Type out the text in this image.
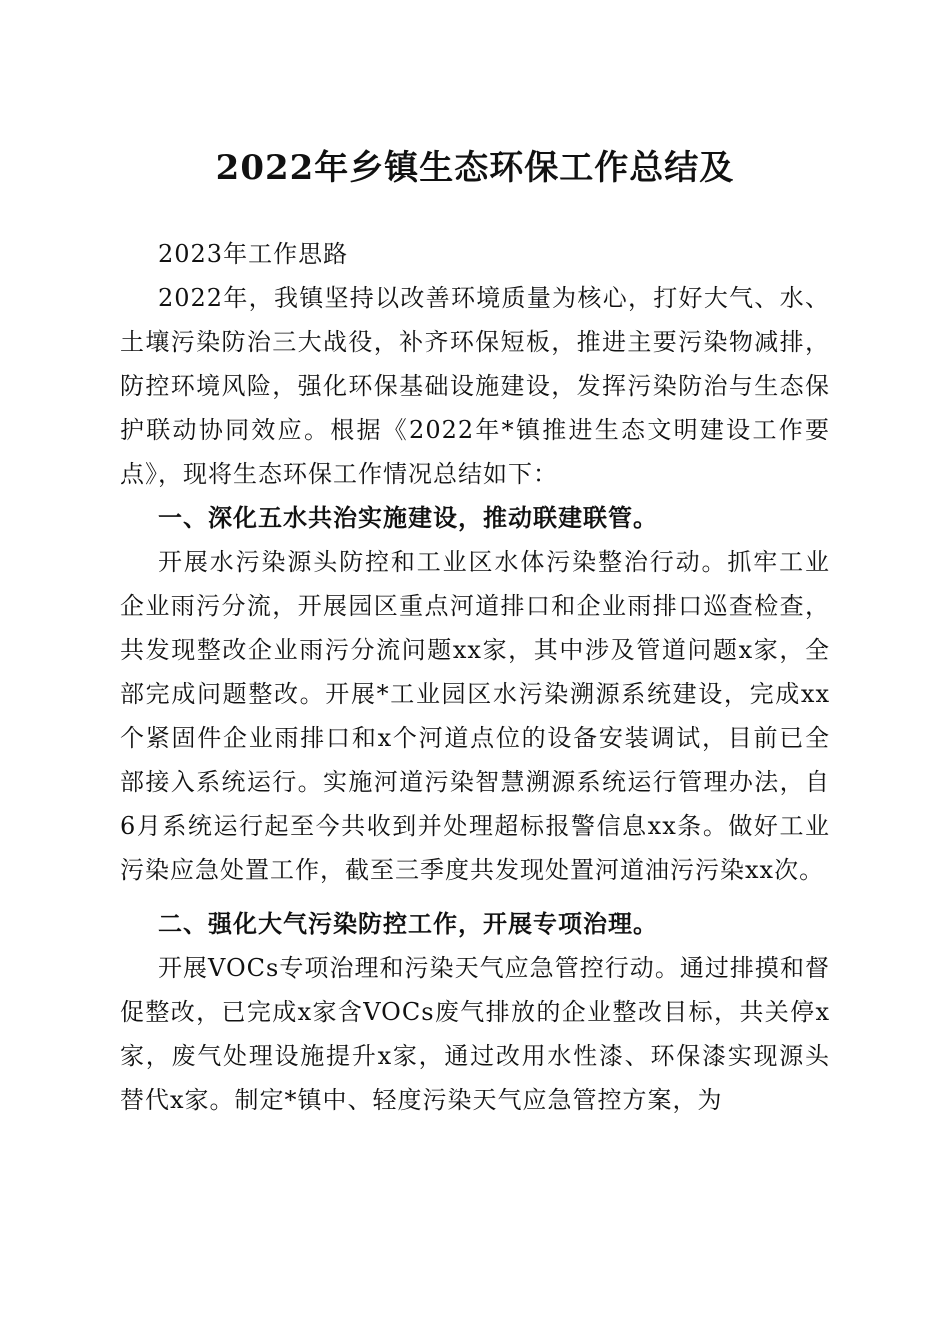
2022年乡镇生态环保工作总结及

2023年工作思路

2022年，我镇坚持以改善环境质量为核心，打好大气、水、土壤污染防治三大战役，补齐环保短板，推进主要污染物减排，防控环境风险，强化环保基础设施建设，发挥污染防治与生态保护联动协同效应。根据《2022年*镇推进生态文明建设工作要点》，现将生态环保工作情况总结如下：

一、深化五水共治实施建设，推动联建联管。

开展水污染源头防控和工业区水体污染整治行动。抓牢工业企业雨污分流，开展园区重点河道排口和企业雨排口巡查检查，共发现整改企业雨污分流问题xx家，其中涉及管道问题x家，全部完成问题整改。开展*工业园区水污染溯源系统建设，完成xx个紧固件企业雨排口和x个河道点位的设备安装调试，目前已全部接入系统运行。实施河道污染智慧溯源系统运行管理办法，自6月系统运行起至今共收到并处理超标报警信息xx条。做好工业污染应急处置工作，截至三季度共发现处置河道油污污染xx次。

二、强化大气污染防控工作，开展专项治理。

开展VOCs专项治理和污染天气应急管控行动。通过排摸和督促整改，已完成x家含VOCs废气排放的企业整改目标，共关停x家，废气处理设施提升x家，通过改用水性漆、环保漆实现源头替代x家。制定*镇中、轻度污染天气应急管控方案，为
